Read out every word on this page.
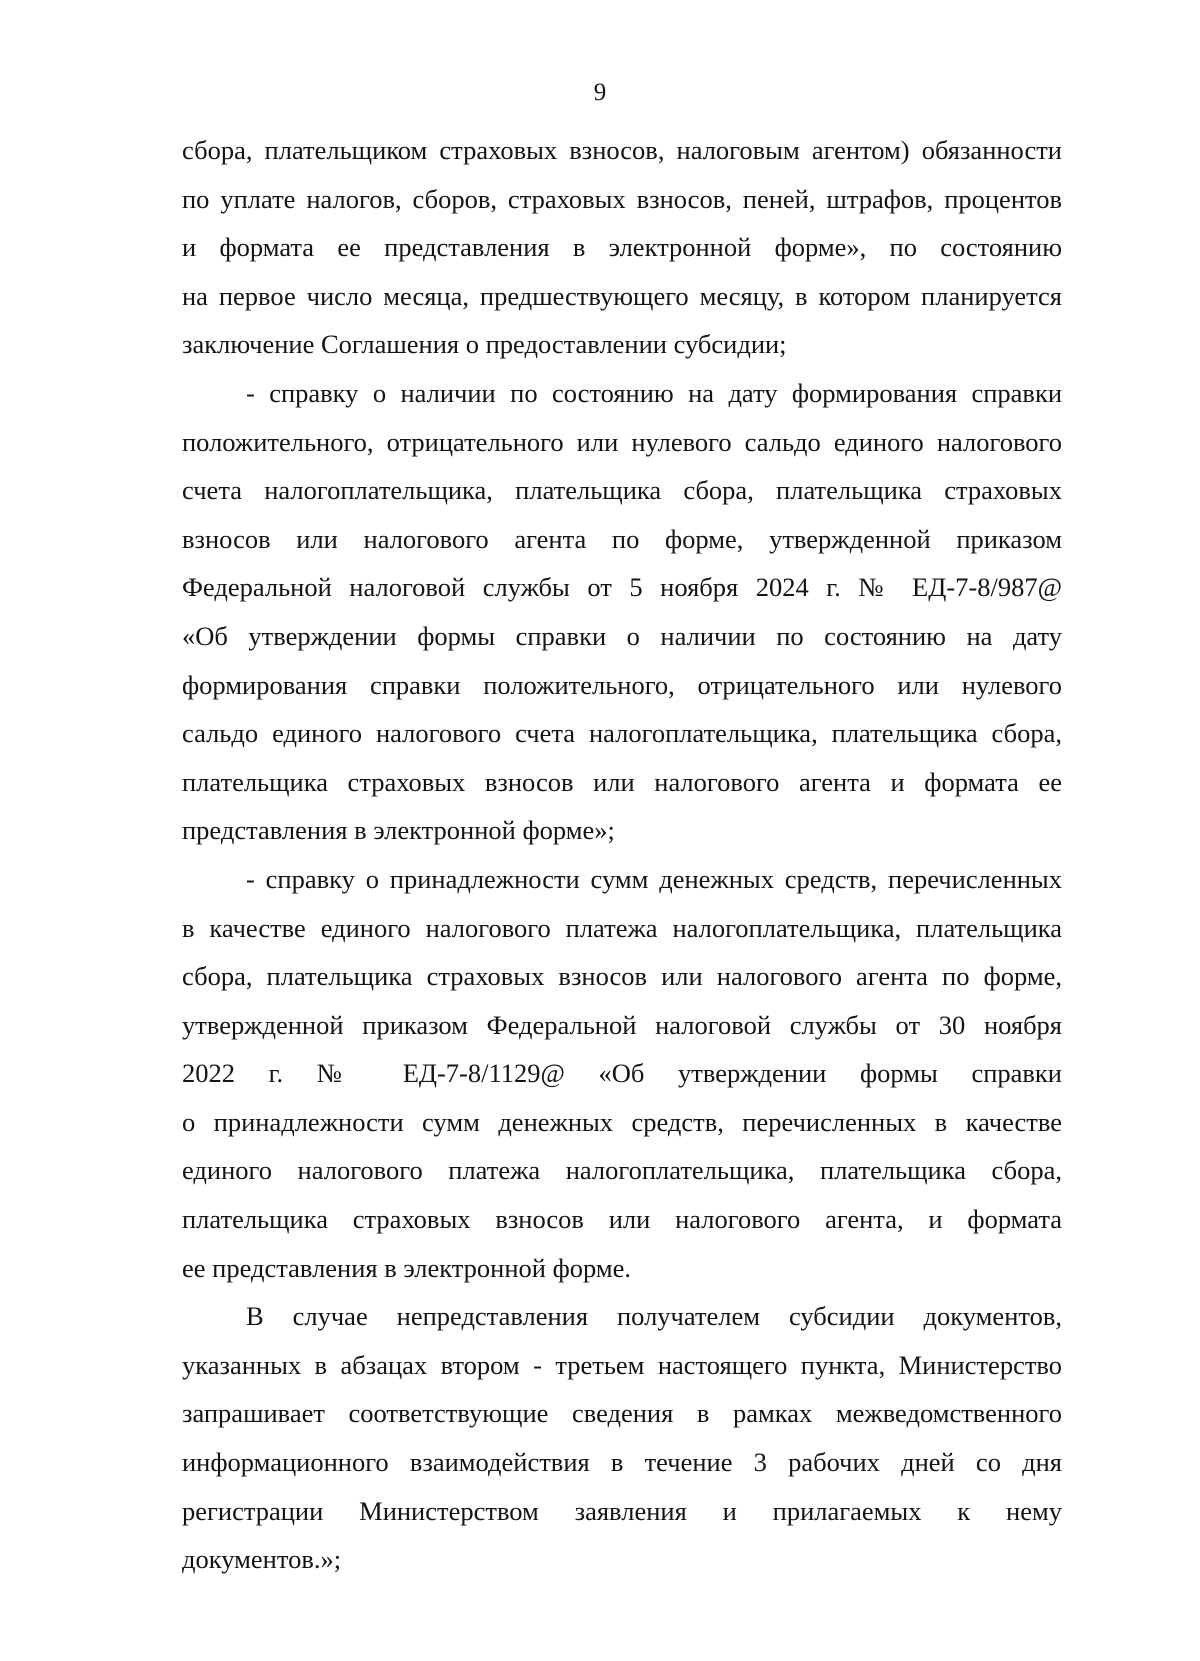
9

сбора, плательщиком страховых взносов, налоговым агентом) обязанности
по уплате налогов, сборов, страховых взносов, пеней, штрафов, процентов
и формата ее представления в электронной форме», по состоянию
на первое число месяца, предшествующего месяцу, в котором планируется
заключение Соглашения о предоставлении субсидии;

- справку о наличии по состоянию на дату формирования справки
положительного, отрицательного или нулевого сальдо единого налогового
счета налогоплательщика, плательщика сбора, плательщика страховых
взносов или налогового агента по форме, утвержденной приказом
Федеральной налоговой службы от 5 ноября 2024 г. № ЕД-7-8/987@
«Об утверждении формы справки о наличии по состоянию на дату
формирования справки положительного, отрицательного или нулевого
сальдо единого налогового счета налогоплательщика, плательщика сбора,
плательщика страховых взносов или налогового агента и формата ее
представления в электронной форме»;

- справку о принадлежности сумм денежных средств, перечисленных
в качестве единого налогового платежа налогоплательщика, плательщика
сбора, плательщика страховых взносов или налогового агента по форме,
утвержденной приказом Федеральной налоговой службы от 30 ноября
2022 г. № ЕД-7-8/1129@ «Об утверждении формы справки
о принадлежности сумм денежных средств, перечисленных в качестве
единого налогового платежа налогоплательщика, плательщика сбора,
плательщика страховых взносов или налогового агента, и формата
ее представления в электронной форме.

В случае непредставления получателем субсидии документов,
указанных в абзацах втором - третьем настоящего пункта, Министерство
запрашивает соответствующие сведения в рамках межведомственного
информационного взаимодействия в течение 3 рабочих дней со дня
регистрации Министерством заявления и прилагаемых к нему
документов.»;
